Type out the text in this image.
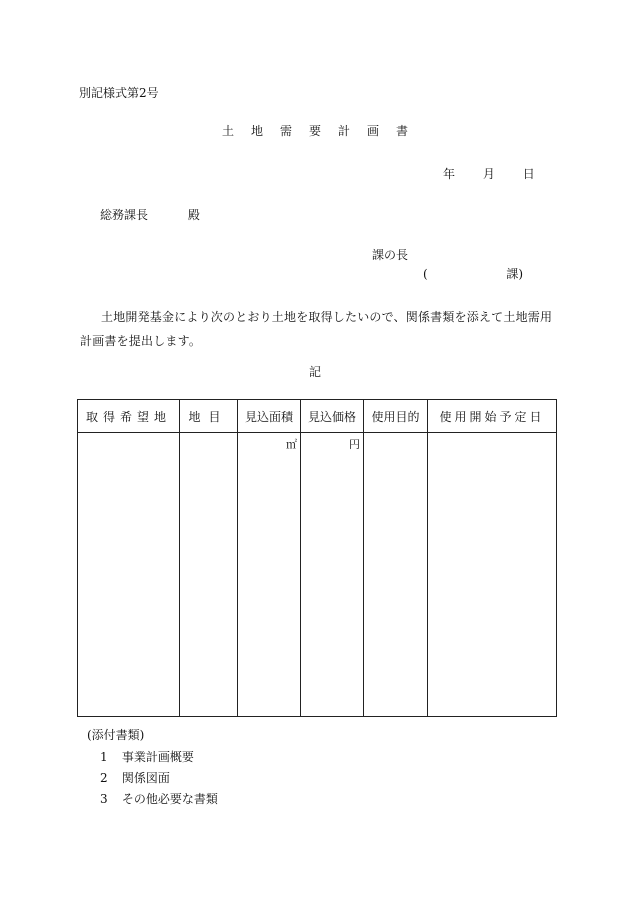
別記様式第2号
土地需要計画書
年 月 日
総務課長	殿
課の長
(	課)
土地開発基金により次のとおり土地を取得したいので、関係書類を添えて土地需用計画書を提出します。
記
取得希望地	地目	見込面積	見込価格	使用目的	使用開始予定日
		㎡	円		
(添付書類)
1 事業計画概要
2 関係図面
3 その他必要な書類
